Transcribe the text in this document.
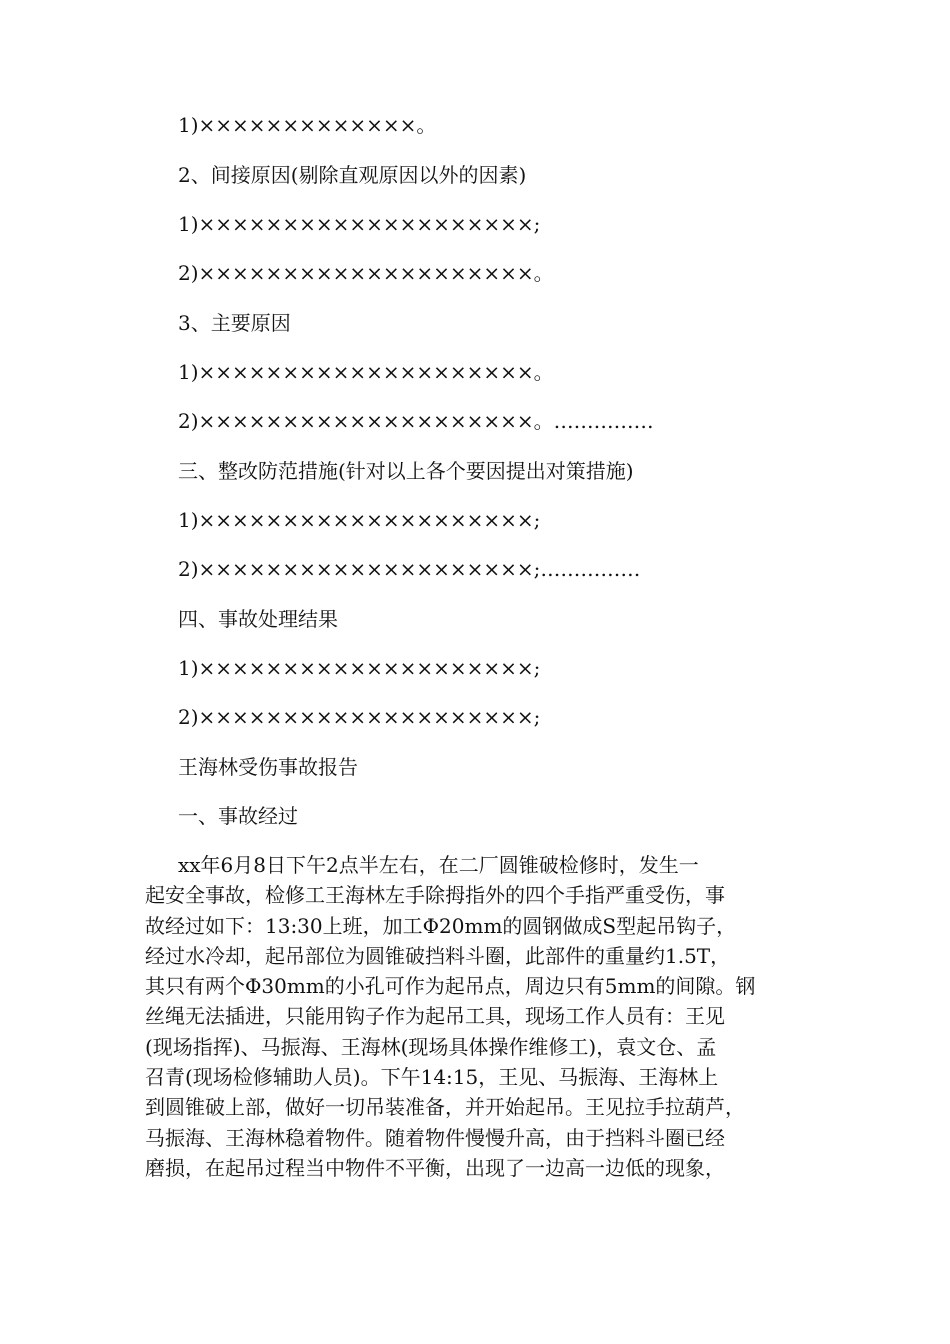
1)×××××××××××××。

2、间接原因(剔除直观原因以外的因素)

1)××××××××××××××××××××;

2)××××××××××××××××××××。

3、主要原因

1)××××××××××××××××××××。

2)××××××××××××××××××××。……………

三、整改防范措施(针对以上各个要因提出对策措施)

1)××××××××××××××××××××;

2)××××××××××××××××××××;……………

四、事故处理结果

1)××××××××××××××××××××;

2)××××××××××××××××××××;

王海林受伤事故报告

一、事故经过

xx年6月8日下午2点半左右，在二厂圆锥破检修时，发生一
起安全事故，检修工王海林左手除拇指外的四个手指严重受伤，事
故经过如下：13:30上班，加工Φ20mm的圆钢做成S型起吊钩子，
经过水冷却，起吊部位为圆锥破挡料斗圈，此部件的重量约1.5T，
其只有两个Φ30mm的小孔可作为起吊点，周边只有5mm的间隙。钢
丝绳无法插进，只能用钩子作为起吊工具，现场工作人员有：王见
(现场指挥)、马振海、王海林(现场具体操作维修工)，袁文仓、孟
召青(现场检修辅助人员)。下午14:15，王见、马振海、王海林上
到圆锥破上部，做好一切吊装准备，并开始起吊。王见拉手拉葫芦，
马振海、王海林稳着物件。随着物件慢慢升高，由于挡料斗圈已经
磨损，在起吊过程当中物件不平衡，出现了一边高一边低的现象，
